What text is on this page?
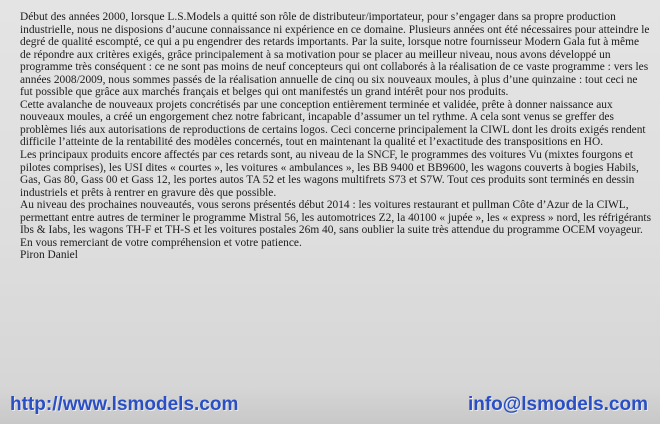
Début des années 2000, lorsque L.S.Models a quitté son rôle de distributeur/importateur, pour s’engager dans sa propre production industrielle, nous ne disposions d’aucune connaissance ni expérience en ce domaine. Plusieurs années ont été nécessaires pour atteindre le degré de qualité escompté, ce qui a pu engendrer des retards importants. Par la suite, lorsque notre fournisseur Modern Gala fut à même de répondre aux critères exigés, grâce principalement à sa motivation pour se placer au meilleur niveau, nous avons développé un programme très conséquent : ce ne sont pas moins de neuf concepteurs qui ont collaborés à la réalisation de ce vaste programme : vers les années 2008/2009, nous sommes passés de la réalisation annuelle de cinq ou six nouveaux moules, à plus d’une quinzaine : tout ceci ne fut possible que grâce aux marchés français et belges qui ont manifestés un grand intérêt pour nos produits.

Cette avalanche de nouveaux projets concrétisés par une conception entièrement terminée et validée, prête à donner naissance aux nouveaux moules, a créé un engorgement chez notre fabricant, incapable d’assumer un tel rythme. A cela sont venus se greffer des problèmes liés aux autorisations de reproductions de certains logos. Ceci concerne principalement la CIWL dont les droits exigés rendent difficile l’atteinte de la rentabilité des modèles concernés, tout en maintenant la qualité et l’exactitude des transpositions en HO.

Les principaux produits encore affectés par ces retards sont, au niveau de la SNCF, le programmes des voitures Vu (mixtes fourgons et pilotes comprises), les USI dites « courtes », les voitures « ambulances », les BB 9400 et BB9600, les wagons couverts à bogies Habils, Gas, Gas 80, Gass 00 et Gass 12, les portes autos TA 52 et les wagons multifrets S73 et S7W. Tout ces produits sont terminés en dessin industriels et prêts à rentrer en gravure dès que possible.

Au niveau des prochaines nouveautés, vous serons présentés début 2014 : les voitures restaurant et pullman Côte d’Azur de la CIWL, permettant entre autres de terminer le programme Mistral 56, les automotrices Z2, la 40100 « jupée », les « express » nord, les réfrigérants Ibs & Iabs, les wagons TH-F et TH-S et les voitures postales 26m 40, sans oublier la suite très attendue du programme OCEM voyageur.

En vous remerciant de votre compréhension et votre patience.

Piron Daniel

http://www.lsmodels.com	info@lsmodels.com
